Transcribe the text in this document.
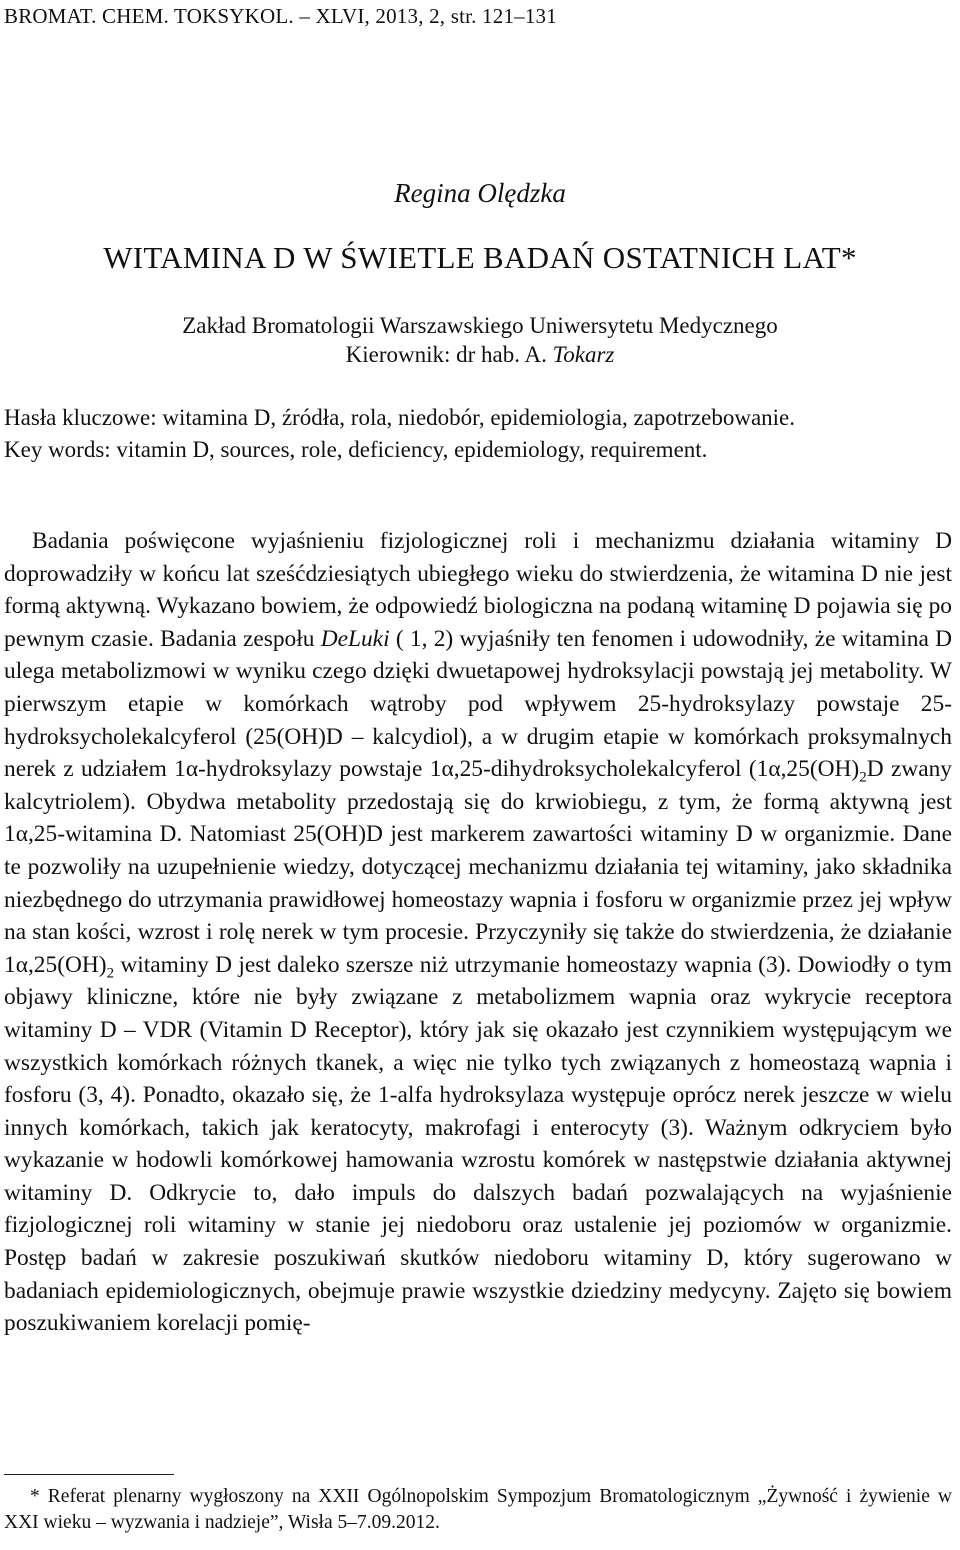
BROMAT. CHEM. TOKSYKOL. – XLVI, 2013, 2, str. 121–131
Regina Olędzka
WITAMINA D W ŚWIETLE BADAŃ OSTATNICH LAT*
Zakład Bromatologii Warszawskiego Uniwersytetu Medycznego
Kierownik: dr hab. A. Tokarz
Hasła kluczowe: witamina D, źródła, rola, niedobór, epidemiologia, zapotrzebowanie.
Key words: vitamin D, sources, role, deficiency, epidemiology, requirement.
Badania poświęcone wyjaśnieniu fizjologicznej roli i mechanizmu działania witaminy D doprowadziły w końcu lat sześćdziesiątych ubiegłego wieku do stwierdzenia, że witamina D nie jest formą aktywną. Wykazano bowiem, że odpowiedź biologiczna na podaną witaminę D pojawia się po pewnym czasie. Badania zespołu DeLuki ( 1, 2) wyjaśniły ten fenomen i udowodniły, że witamina D ulega metabolizmowi w wyniku czego dzięki dwuetapowej hydroksylacji powstają jej metabolity. W pierwszym etapie w komórkach wątroby pod wpływem 25-hydroksylazy powstaje 25-hydroksycholekalcyferol (25(OH)D – kalcydiol), a w drugim etapie w komórkach proksymalnych nerek z udziałem 1α-hydroksylazy powstaje 1α,25-dihydroksycholekalcyferol ($1\alpha,25(OH)_2D$ zwany kalcytriolem). Obydwa metabolity przedostają się do krwiobiegu, z tym, że formą aktywną jest 1α,25-witamina D. Natomiast 25(OH)D jest markerem zawartości witaminy D w organizmie. Dane te pozwoliły na uzupełnienie wiedzy, dotyczącej mechanizmu działania tej witaminy, jako składnika niezbędnego do utrzymania prawidłowej homeostazy wapnia i fosforu w organizmie przez jej wpływ na stan kości, wzrost i rolę nerek w tym procesie. Przyczyniły się także do stwierdzenia, że działanie $1\alpha,25(OH)_2$ witaminy D jest daleko szersze niż utrzymanie homeostazy wapnia (3). Dowiodły o tym objawy kliniczne, które nie były związane z metabolizmem wapnia oraz wykrycie receptora witaminy D – VDR (Vitamin D Receptor), który jak się okazało jest czynnikiem występującym we wszystkich komórkach różnych tkanek, a więc nie tylko tych związanych z homeostazą wapnia i fosforu (3, 4). Ponadto, okazało się, że 1-alfa hydroksylaza występuje oprócz nerek jeszcze w wielu innych komórkach, takich jak keratocyty, makrofagi i enterocyty (3). Ważnym odkryciem było wykazanie w hodowli komórkowej hamowania wzrostu komórek w następstwie działania aktywnej witaminy D. Odkrycie to, dało impuls do dalszych badań pozwalających na wyjaśnienie fizjologicznej roli witaminy w stanie jej niedoboru oraz ustalenie jej poziomów w organizmie. Postęp badań w zakresie poszukiwań skutków niedoboru witaminy D, który sugerowano w badaniach epidemiologicznych, obejmuje prawie wszystkie dziedziny medycyny. Zajęto się bowiem poszukiwaniem korelacji pomię-
* Referat plenarny wygłoszony na XXII Ogólnopolskim Sympozjum Bromatologicznym „Żywność i żywienie w XXI wieku – wyzwania i nadzieje”, Wisła 5–7.09.2012.
